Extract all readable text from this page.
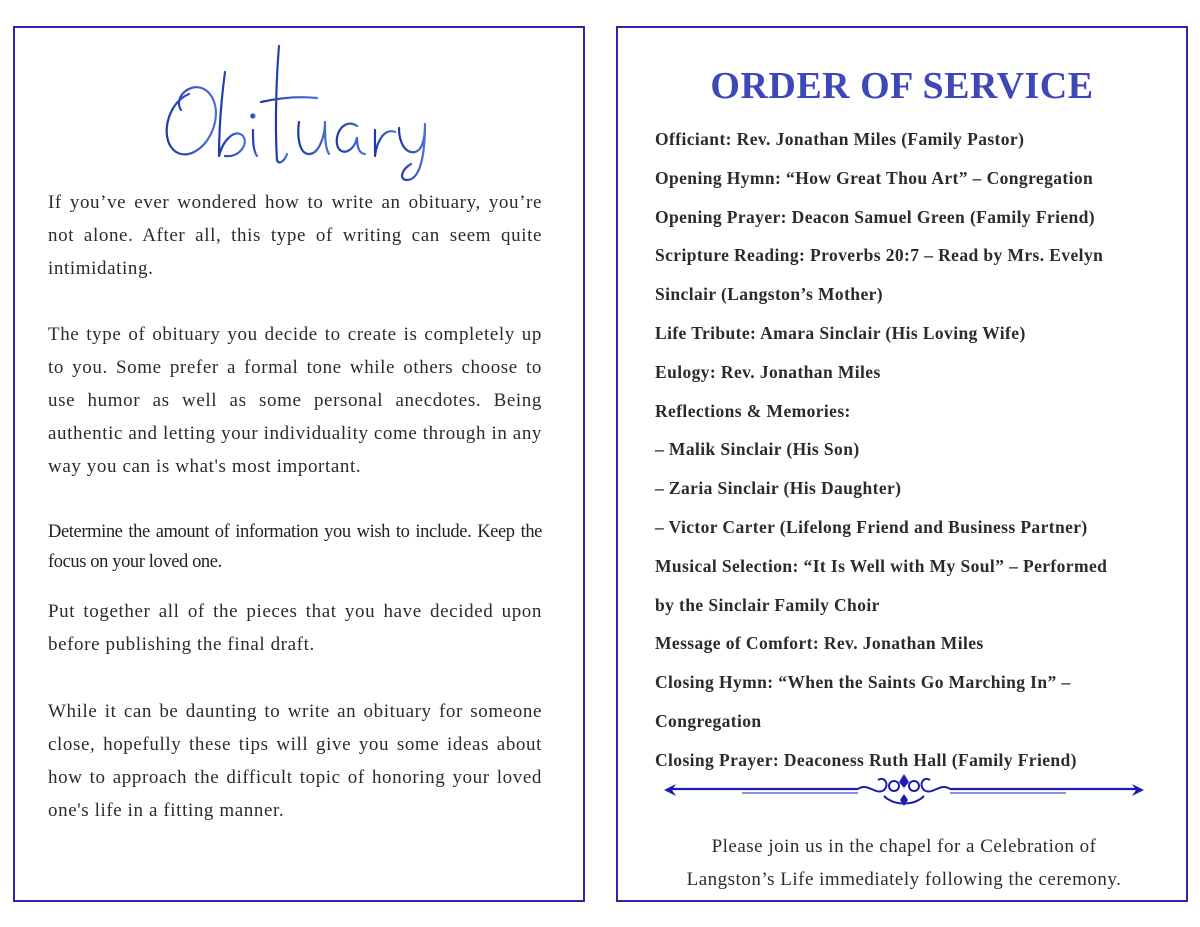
If you’ve ever wondered how to write an obituary, you’re not alone. After all, this type of writing can seem quite intimidating.

The type of obituary you decide to create is completely up to you. Some prefer a formal tone while others choose to use humor as well as some personal anecdotes. Being authentic and letting your individuality come through in any way you can is what's most important.

Determine the amount of information you wish to include. Keep the focus on your loved one.

Put together all of the pieces that you have decided upon before publishing the final draft.

While it can be daunting to write an obituary for someone close, hopefully these tips will give you some ideas about how to approach the difficult topic of honoring your loved one's life in a fitting manner.

ORDER OF SERVICE
Officiant: Rev. Jonathan Miles (Family Pastor)
Opening Hymn: “How Great Thou Art” – Congregation
Opening Prayer: Deacon Samuel Green (Family Friend)
Scripture Reading: Proverbs 20:7 – Read by Mrs. Evelyn
Sinclair (Langston’s Mother)
Life Tribute: Amara Sinclair (His Loving Wife)
Eulogy: Rev. Jonathan Miles
Reflections & Memories:
– Malik Sinclair (His Son)
– Zaria Sinclair (His Daughter)
– Victor Carter (Lifelong Friend and Business Partner)
Musical Selection: “It Is Well with My Soul” – Performed
by the Sinclair Family Choir
Message of Comfort: Rev. Jonathan Miles
Closing Hymn: “When the Saints Go Marching In” –
Congregation
Closing Prayer: Deaconess Ruth Hall (Family Friend)
Please join us in the chapel for a Celebration of
Langston’s Life immediately following the ceremony.
